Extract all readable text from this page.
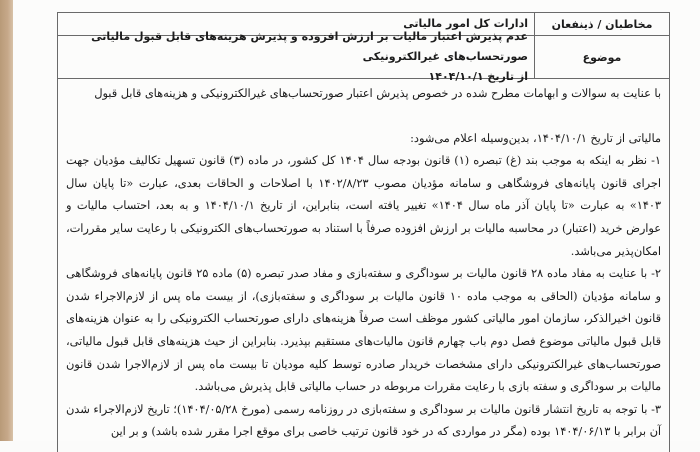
مخاطبان / ذینفعان
ادارات کل امور مالیاتی
موضوع
عدم پذیرش اعتبار مالیات بر ارزش افزوده و پذیرش هزینه‌های قابل قبول مالیاتی صورتحساب‌های غیرالکترونیکی
از تاریخ ۱۴۰۴/۱۰/۱

با عنایت به سوالات و ابهامات مطرح شده در خصوص پذیرش اعتبار صورتحساب‌های غیرالکترونیکی و هزینه‌های قابل قبول

مالیاتی از تاریخ ۱۴۰۴/۱۰/۱، بدین‌وسیله اعلام می‌شود:

۱- نظر به اینکه به موجب بند (غ) تبصره (۱) قانون بودجه سال ۱۴۰۴ کل کشور، در ماده (۳) قانون تسهیل تکالیف مؤدیان جهت اجرای قانون پایانه‌های فروشگاهی و سامانه مؤدیان مصوب ۱۴۰۲/۸/۲۳ با اصلاحات و الحاقات بعدی، عبارت «تا پایان سال ۱۴۰۳» به عبارت «تا پایان آذر ماه سال ۱۴۰۴» تغییر یافته است، بنابراین، از تاریخ ۱۴۰۴/۱۰/۱ و به بعد، احتساب مالیات و عوارض خرید (اعتبار) در محاسبه مالیات بر ارزش افزوده صرفاً با استناد به صورتحساب‌های الکترونیکی با رعایت سایر مقررات، امکان‌پذیر می‌باشد.

۲- با عنایت به مفاد ماده ۲۸ قانون مالیات بر سوداگری و سفته‌بازی و مفاد صدر تبصره (۵) ماده ۲۵ قانون پایانه‌های فروشگاهی و سامانه مؤدیان (الحاقی به موجب ماده ۱۰ قانون مالیات بر سوداگری و سفته‌بازی)، از بیست ماه پس از لازم‌الاجراء شدن قانون اخیرالذکر، سازمان امور مالیاتی کشور موظف است صرفاً هزینه‌های دارای صورتحساب الکترونیکی را به عنوان هزینه‌های قابل قبول مالیاتی موضوع فصل دوم باب چهارم قانون مالیات‌های مستقیم بپذیرد. بنابراین از حیث هزینه‌های قابل قبول مالیاتی، صورتحساب‌های غیرالکترونیکی دارای مشخصات خریدار صادره توسط کلیه مودیان تا بیست ماه پس از لازم‌الاجرا شدن قانون مالیات بر سوداگری و سفته بازی با رعایت مقررات مربوطه در حساب مالیاتی قابل پذیرش می‌باشد.

۳- با توجه به تاریخ انتشار قانون مالیات بر سوداگری و سفته‌بازی در روزنامه رسمی (مورخ ۱۴۰۴/۰۵/۲۸)؛ تاریخ لازم‌الاجراء شدن آن برابر با ۱۴۰۴/۰۶/۱۳ بوده (مگر در مواردی که در خود قانون ترتیب خاصی برای موقع اجرا مقرر شده باشد) و بر این
